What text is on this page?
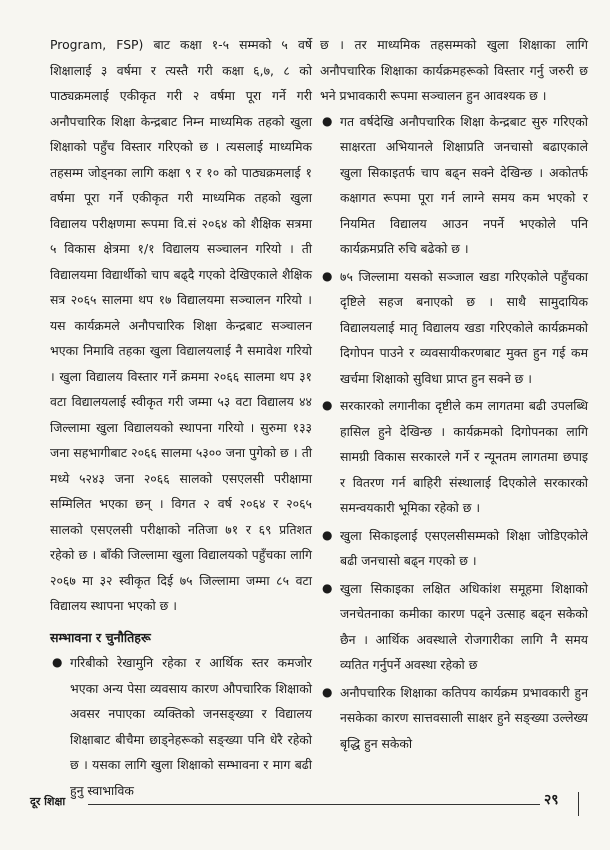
Program, FSP) बाट कक्षा १-५ सम्मको ५ वर्षे शिक्षालाई ३ वर्षमा र त्यस्तै गरी कक्षा ६,७, ८ को पाठ्यक्रमलाई एकीकृत गरी २ वर्षमा पूरा गर्ने गरी अनौपचारिक शिक्षा केन्द्रबाट निम्न माध्यमिक तहको खुला शिक्षाको पहुँच विस्तार गरिएको छ । त्यसलाई माध्यमिक तहसम्म जोड्नका लागि कक्षा ९ र १० को पाठ्यक्रमलाई १ वर्षमा पूरा गर्ने एकीकृत गरी माध्यमिक तहको खुला विद्यालय परीक्षणमा रूपमा वि.सं २०६४ को शैक्षिक सत्रमा ५ विकास क्षेत्रमा १/१ विद्यालय सञ्चालन गरियो । ती विद्यालयमा विद्यार्थीको चाप बढ्दै गएको देखिएकाले शैक्षिक सत्र २०६५ सालमा थप १७ विद्यालयमा सञ्चालन गरियो । यस कार्यक्रमले अनौपचारिक शिक्षा केन्द्रबाट सञ्चालन भएका निमावि तहका खुला विद्यालयलाई नै समावेश गरियो । खुला विद्यालय विस्तार गर्ने क्रममा २०६६ सालमा थप ३१ वटा विद्यालयलाई स्वीकृत गरी जम्मा ५३ वटा विद्यालय ४४ जिल्लामा खुला विद्यालयको स्थापना गरियो । सुरुमा १३३ जना सहभागीबाट २०६६ सालमा ५३०० जना पुगेको छ । ती मध्ये ५२४३ जना २०६६ सालको एसएलसी परीक्षामा सम्मिलित भएका छन् । विगत २ वर्ष २०६४ र २०६५ सालको एसएलसी परीक्षाको नतिजा ७१ र ६९ प्रतिशत रहेको छ । बाँकी जिल्लामा खुला विद्यालयको पहुँचका लागि २०६७ मा ३२ स्वीकृत दिई ७५ जिल्लामा जम्मा ८५ वटा विद्यालय स्थापना भएको छ ।

सम्भावना र चुनौतिहरू

● गरिबीको रेखामुनि रहेका र आर्थिक स्तर कमजोर भएका अन्य पेसा व्यवसाय कारण औपचारिक शिक्षाको अवसर नपाएका व्यक्तिको जनसङ्ख्या र विद्यालय शिक्षाबाट बीचैमा छाड्नेहरूको सङ्ख्या पनि धेरै रहेको छ । यसका लागि खुला शिक्षाको सम्भावना र माग बढी हुनु स्वाभाविक

छ । तर माध्यमिक तहसम्मको खुला शिक्षाका लागि अनौपचारिक शिक्षाका कार्यक्रमहरूको विस्तार गर्नु जरुरी छ भने प्रभावकारी रूपमा सञ्चालन हुन आवश्यक छ ।

● गत वर्षदेखि अनौपचारिक शिक्षा केन्द्रबाट सुरु गरिएको साक्षरता अभियानले शिक्षाप्रति जनचासो बढाएकाले खुला सिकाइतर्फ चाप बढ्न सक्ने देखिन्छ । अकोतर्फ कक्षागत रूपमा पूरा गर्न लाग्ने समय कम भएको र नियमित विद्यालय आउन नपर्ने भएकोले पनि कार्यक्रमप्रति रुचि बढेको छ ।
● ७५ जिल्लामा यसको सञ्जाल खडा गरिएकोले पहुँचका दृष्टिले सहज बनाएको छ । साथै सामुदायिक विद्यालयलाई मातृ विद्यालय खडा गरिएकोले कार्यक्रमको दिगोपन पाउने र व्यवसायीकरणबाट मुक्त हुन गई कम खर्चमा शिक्षाको सुविधा प्राप्त हुन सक्ने छ ।
● सरकारको लगानीका दृष्टीले कम लागतमा बढी उपलब्धि हासिल हुने देखिन्छ । कार्यक्रमको दिगोपनका लागि सामग्री विकास सरकारले गर्ने र न्यूनतम लागतमा छपाइ र वितरण गर्न बाहिरी संस्थालाई दिएकोले सरकारको समन्वयकारी भूमिका रहेको छ ।
● खुला सिकाइलाई एसएलसीसम्मको शिक्षा जोडिएकोले बढी जनचासो बढ्न गएको छ ।
● खुला सिकाइका लक्षित अधिकांश समूहमा शिक्षाको जनचेतनाका कमीका कारण पढ्ने उत्साह बढ्न सकेको छैन । आर्थिक अवस्थाले रोजगारीका लागि नै समय व्यतित गर्नुपर्ने अवस्था रहेको छ
● अनौपचारिक शिक्षाका कतिपय कार्यक्रम प्रभावकारी हुन नसकेका कारण सात्तवसाली साक्षर हुने सङ्ख्या उल्लेख्य बृद्धि हुन सकेको
दूर शिक्षा	२९
